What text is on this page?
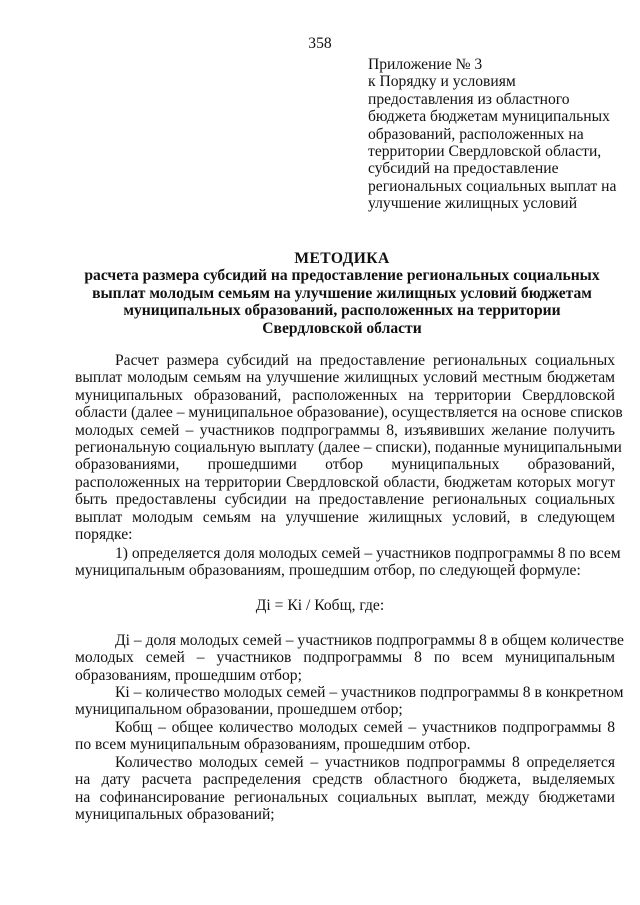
358
Приложение № 3
к Порядку и условиям
предоставления из областного
бюджета бюджетам муниципальных
образований, расположенных на
территории Свердловской области,
субсидий на предоставление
региональных социальных выплат на
улучшение жилищных условий
МЕТОДИКА
расчета размера субсидий на предоставление региональных социальных
выплат молодым семьям на улучшение жилищных условий бюджетам
муниципальных образований, расположенных на территории
Свердловской области
Расчет размера субсидий на предоставление региональных социальных
выплат молодым семьям на улучшение жилищных условий местным бюджетам
муниципальных образований, расположенных на территории Свердловской
области (далее – муниципальное образование), осуществляется на основе списков
молодых семей – участников подпрограммы 8, изъявивших желание получить
региональную социальную выплату (далее – списки), поданные муниципальными
образованиями, прошедшими отбор муниципальных образований,
расположенных на территории Свердловской области, бюджетам которых могут
быть предоставлены субсидии на предоставление региональных социальных
выплат молодым семьям на улучшение жилищных условий, в следующем
порядке:
1) определяется доля молодых семей – участников подпрограммы 8 по всем
муниципальным образованиям, прошедшим отбор, по следующей формуле:
Дi = Кi / Кобщ, где:
Дi – доля молодых семей – участников подпрограммы 8 в общем количестве
молодых семей – участников подпрограммы 8 по всем муниципальным
образованиям, прошедшим отбор;
Кi – количество молодых семей – участников подпрограммы 8 в конкретном
муниципальном образовании, прошедшем отбор;
Кобщ – общее количество молодых семей – участников подпрограммы 8
по всем муниципальным образованиям, прошедшим отбор.
Количество молодых семей – участников подпрограммы 8 определяется
на дату расчета распределения средств областного бюджета, выделяемых
на софинансирование региональных социальных выплат, между бюджетами
муниципальных образований;
